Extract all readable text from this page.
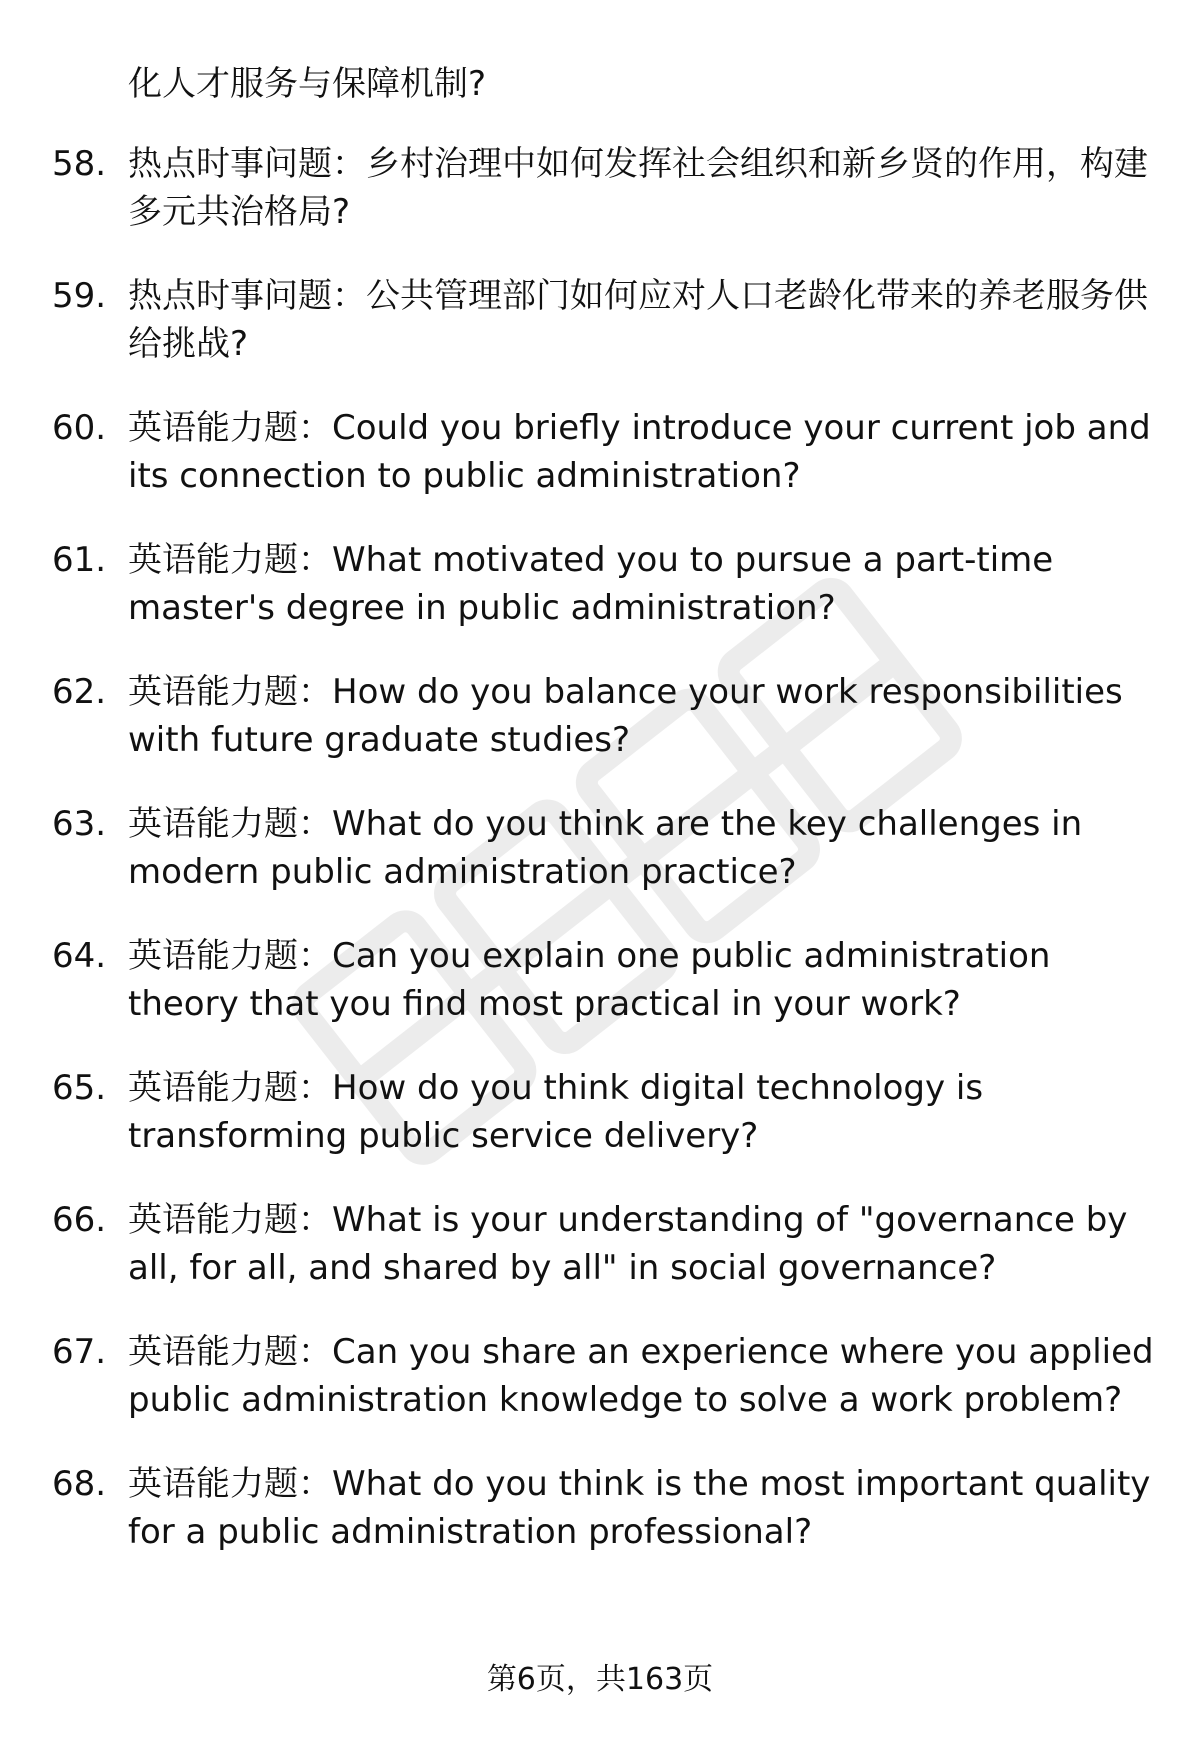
化人才服务与保障机制?
58. 热点时事问题：乡村治理中如何发挥社会组织和新乡贤的作用，构建多元共治格局?
59. 热点时事问题：公共管理部门如何应对人口老龄化带来的养老服务供给挑战?
60. 英语能力题：Could you briefly introduce your current job and its connection to public administration?
61. 英语能力题：What motivated you to pursue a part-time master's degree in public administration?
62. 英语能力题：How do you balance your work responsibilities with future graduate studies?
63. 英语能力题：What do you think are the key challenges in modern public administration practice?
64. 英语能力题：Can you explain one public administration theory that you find most practical in your work?
65. 英语能力题：How do you think digital technology is transforming public service delivery?
66. 英语能力题：What is your understanding of "governance by all, for all, and shared by all" in social governance?
67. 英语能力题：Can you share an experience where you applied public administration knowledge to solve a work problem?
68. 英语能力题：What do you think is the most important quality for a public administration professional?
第6页，共163页
